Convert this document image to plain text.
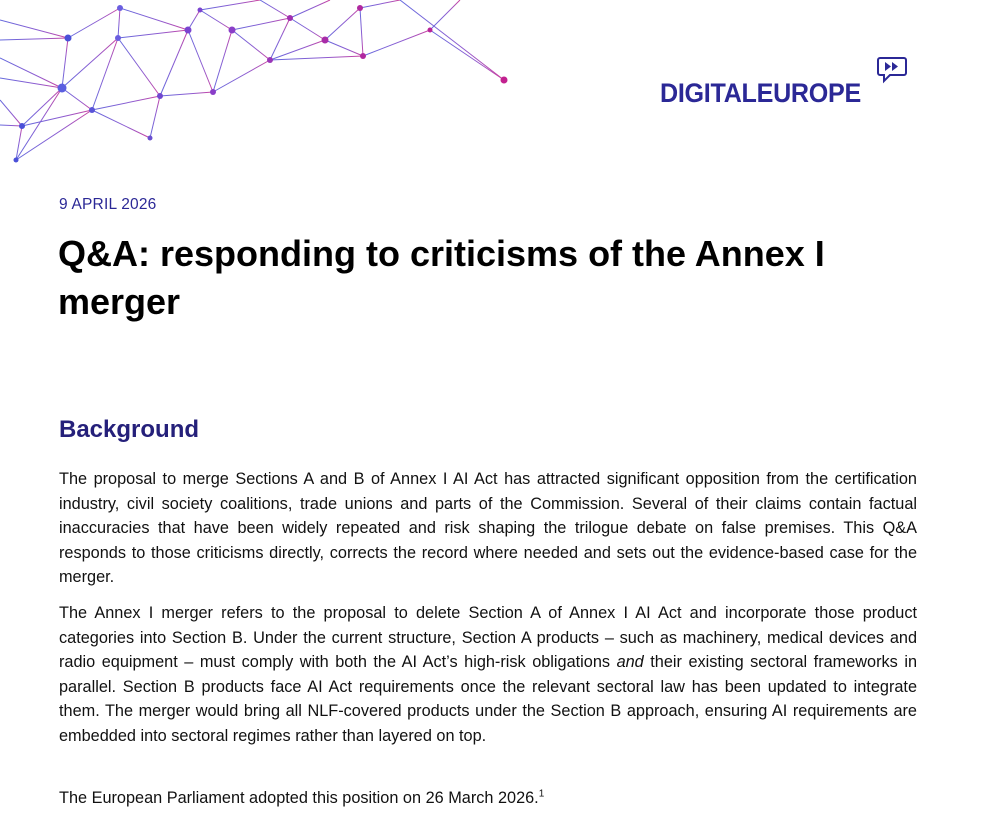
DIGITALEUROPE
9 APRIL 2026
Q&A: responding to criticisms of the Annex I merger
Background

The proposal to merge Sections A and B of Annex I AI Act has attracted significant opposition from the certification industry, civil society coalitions, trade unions and parts of the Commission. Several of their claims contain factual inaccuracies that have been widely repeated and risk shaping the trilogue debate on false premises. This Q&A responds to those criticisms directly, corrects the record where needed and sets out the evidence-based case for the merger.

The Annex I merger refers to the proposal to delete Section A of Annex I AI Act and incorporate those product categories into Section B. Under the current structure, Section A products – such as machinery, medical devices and radio equipment – must comply with both the AI Act’s high-risk obligations and their existing sectoral frameworks in parallel. Section B products face AI Act requirements once the relevant sectoral law has been updated to integrate them. The merger would bring all NLF-covered products under the Section B approach, ensuring AI requirements are embedded into sectoral regimes rather than layered on top.

The European Parliament adopted this position on 26 March 2026.$^1$
